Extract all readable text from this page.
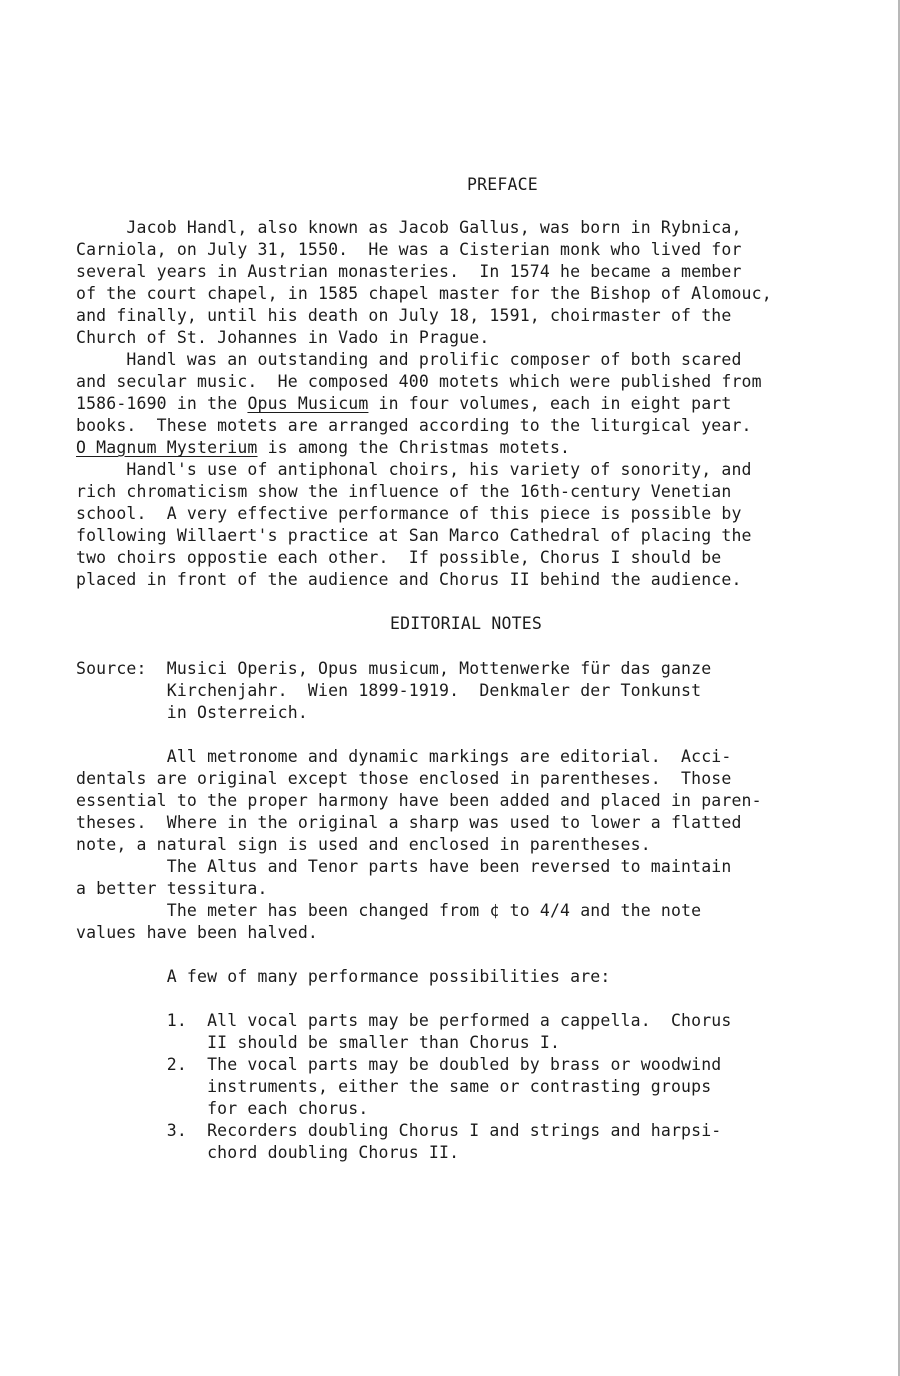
PREFACE
Jacob Handl, also known as Jacob Gallus, was born in Rybnica,
Carniola, on July 31, 1550.  He was a Cisterian monk who lived for
several years in Austrian monasteries.  In 1574 he became a member
of the court chapel, in 1585 chapel master for the Bishop of Alomouc,
and finally, until his death on July 18, 1591, choirmaster of the
Church of St. Johannes in Vado in Prague.
Handl was an outstanding and prolific composer of both scared
and secular music.  He composed 400 motets which were published from
1586-1690 in the Opus Musicum in four volumes, each in eight part
books.  These motets are arranged according to the liturgical year.
O Magnum Mysterium is among the Christmas motets.
Handl's use of antiphonal choirs, his variety of sonority, and
rich chromaticism show the influence of the 16th-century Venetian
school.  A very effective performance of this piece is possible by
following Willaert's practice at San Marco Cathedral of placing the
two choirs oppostie each other.  If possible, Chorus I should be
placed in front of the audience and Chorus II behind the audience.
EDITORIAL NOTES
Source:  Musici Operis, Opus musicum, Mottenwerke für das ganze
Kirchenjahr.  Wien 1899-1919.  Denkmaler der Tonkunst
in Osterreich.
All metronome and dynamic markings are editorial.  Acci-
dentals are original except those enclosed in parentheses.  Those
essential to the proper harmony have been added and placed in paren-
theses.  Where in the original a sharp was used to lower a flatted
note, a natural sign is used and enclosed in parentheses.
The Altus and Tenor parts have been reversed to maintain
a better tessitura.
The meter has been changed from ¢ to 4/4 and the note
values have been halved.
A few of many performance possibilities are:
1.  All vocal parts may be performed a cappella.  Chorus
II should be smaller than Chorus I.
2.  The vocal parts may be doubled by brass or woodwind
instruments, either the same or contrasting groups
for each chorus.
3.  Recorders doubling Chorus I and strings and harpsi-
chord doubling Chorus II.
